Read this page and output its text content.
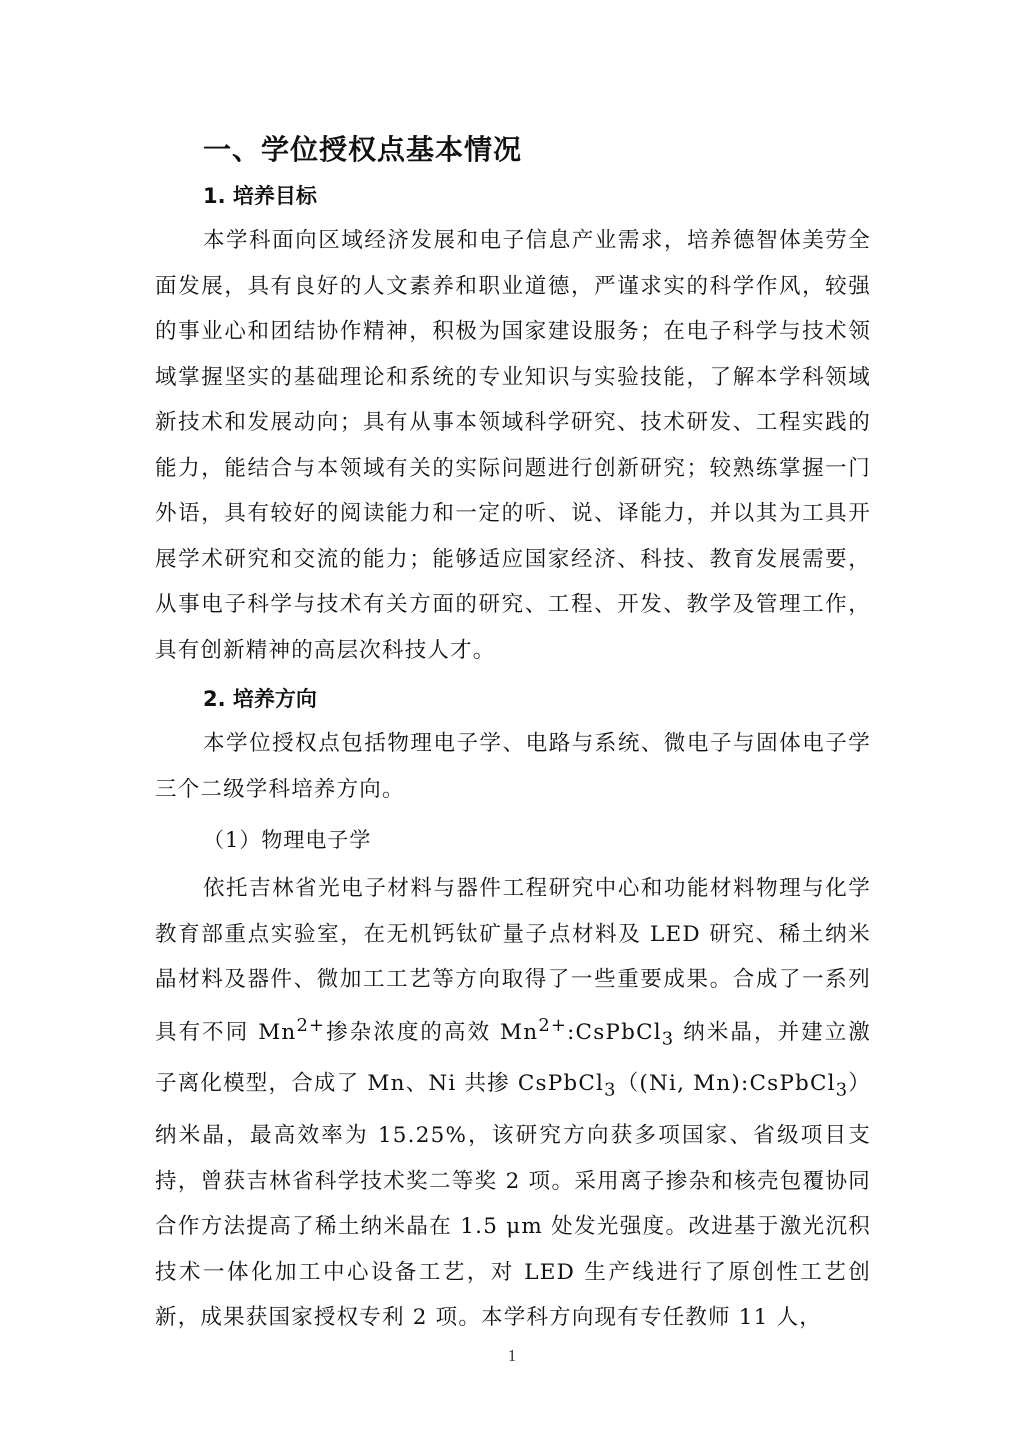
一、学位授权点基本情况
1. 培养目标

本学科面向区域经济发展和电子信息产业需求，培养德智体美劳全面发展，具有良好的人文素养和职业道德，严谨求实的科学作风，较强的事业心和团结协作精神，积极为国家建设服务；在电子科学与技术领域掌握坚实的基础理论和系统的专业知识与实验技能，了解本学科领域新技术和发展动向；具有从事本领域科学研究、技术研发、工程实践的能力，能结合与本领域有关的实际问题进行创新研究；较熟练掌握一门外语，具有较好的阅读能力和一定的听、说、译能力，并以其为工具开展学术研究和交流的能力；能够适应国家经济、科技、教育发展需要，从事电子科学与技术有关方面的研究、工程、开发、教学及管理工作，具有创新精神的高层次科技人才。

2. 培养方向

本学位授权点包括物理电子学、电路与系统、微电子与固体电子学三个二级学科培养方向。

（1）物理电子学

依托吉林省光电子材料与器件工程研究中心和功能材料物理与化学教育部重点实验室，在无机钙钛矿量子点材料及 LED 研究、稀土纳米晶材料及器件、微加工工艺等方向取得了一些重要成果。合成了一系列具有不同 $Mn^{2+}$掺杂浓度的高效 $Mn^{2+}:CsPbCl_3$ 纳米晶，并建立激子离化模型，合成了 Mn、Ni 共掺 CsPbCl$_3$（(Ni, Mn):CsPbCl$_3$）纳米晶，最高效率为 15.25%，该研究方向获多项国家、省级项目支持，曾获吉林省科学技术奖二等奖 2 项。采用离子掺杂和核壳包覆协同合作方法提高了稀土纳米晶在 1.5 μm 处发光强度。改进基于激光沉积技术一体化加工中心设备工艺，对 LED 生产线进行了原创性工艺创新，成果获国家授权专利 2 项。本学科方向现有专任教师 11 人，

1
